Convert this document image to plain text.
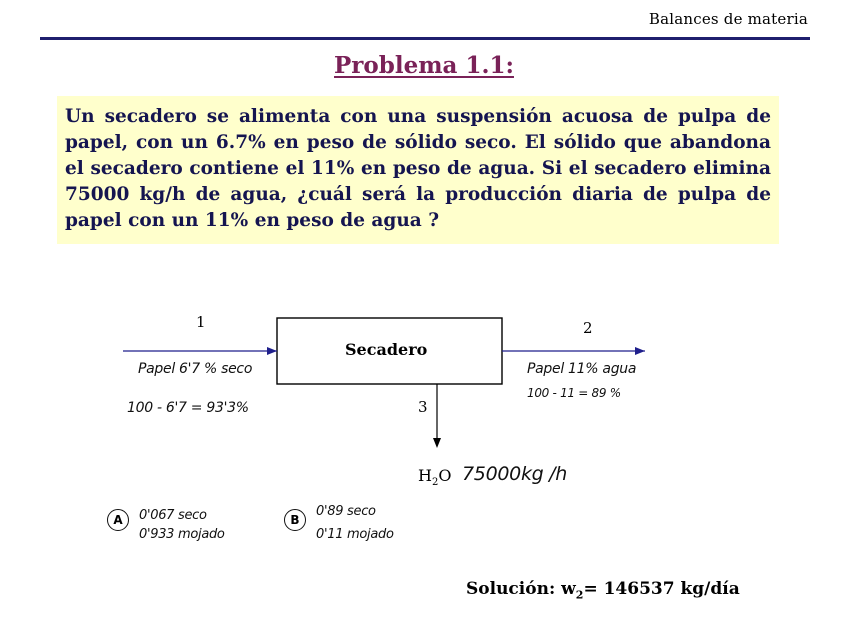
Balances de materia
Problema 1.1:
Un secadero se alimenta con una suspensión acuosa de pulpa de papel, con un 6.7% en peso de sólido seco. El sólido que abandona el secadero contiene el 11% en peso de agua. Si el secadero elimina 75000 kg/h de agua, ¿cuál será la producción diaria de pulpa de papel con un 11% en peso de agua ?
Secadero
1	2
3
Papel 6'7 % seco
100 - 6'7 = 93'3%
Papel 11% agua
100 - 11 = 89 %
$H_2O$ 75000kg /h
A	0'067 seco
0'933 mojado
B
0'89 seco
0'11 mojado
Solución: $w_2= 146537$ kg/día
